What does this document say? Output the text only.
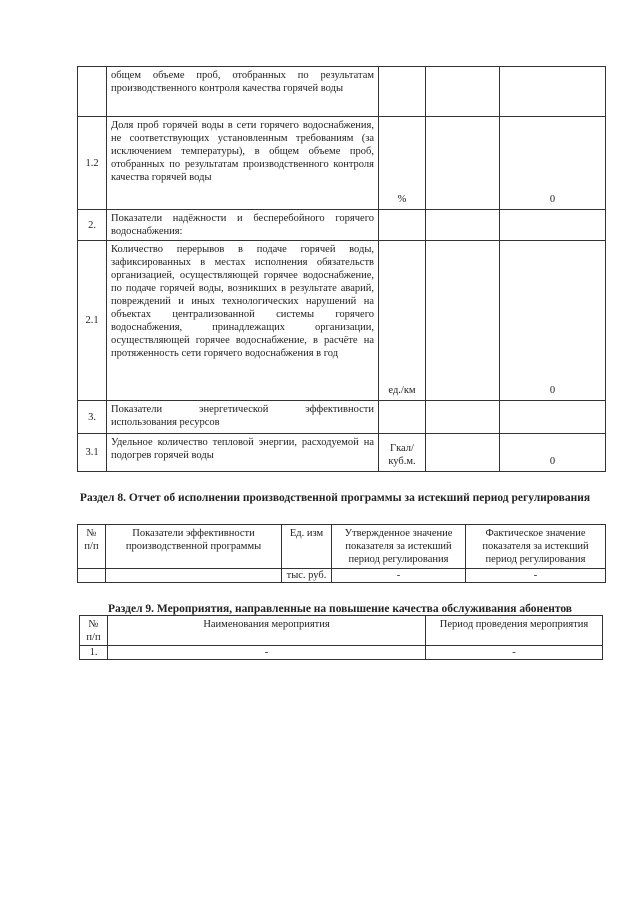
	общем объеме проб, отобранных по результатам производственного контроля качества горячей воды			
1.2	Доля проб горячей воды в сети горячего водоснабжения, не соответствующих установленным требованиям (за исключением температуры), в общем объеме проб, отобранных по результатам производственного контроля качества горячей воды	%		0
2.	Показатели надёжности и бесперебойного горячего водоснабжения:			
2.1	Количество перерывов в подаче горячей воды, зафиксированных в местах исполнения обязательств организацией, осуществляющей горячее водоснабжение, по подаче горячей воды, возникших в результате аварий, повреждений и иных технологических нарушений на объектах централизованной системы горячего водоснабжения, принадлежащих организации, осуществляющей горячее водоснабжение, в расчёте на протяженность сети горячего водоснабжения в год	ед./км		0
3.	Показатели энергетической эффективности использования ресурсов			
3.1	Удельное количество тепловой энергии, расходуемой на подогрев горячей воды	Гкал/
куб.м.		0
Раздел 8. Отчет об исполнении производственной программы за истекший период регулирования
№
п/п	Показатели эффективности производственной программы	Ед. изм	Утвержденное значение показателя за истекший период регулирования	Фактическое значение показателя за истекший период регулирования
		тыс. руб.	-	-
Раздел 9. Мероприятия, направленные на повышение качества обслуживания абонентов
№
п/п	Наименования мероприятия	Период проведения мероприятия
1.	-	-
